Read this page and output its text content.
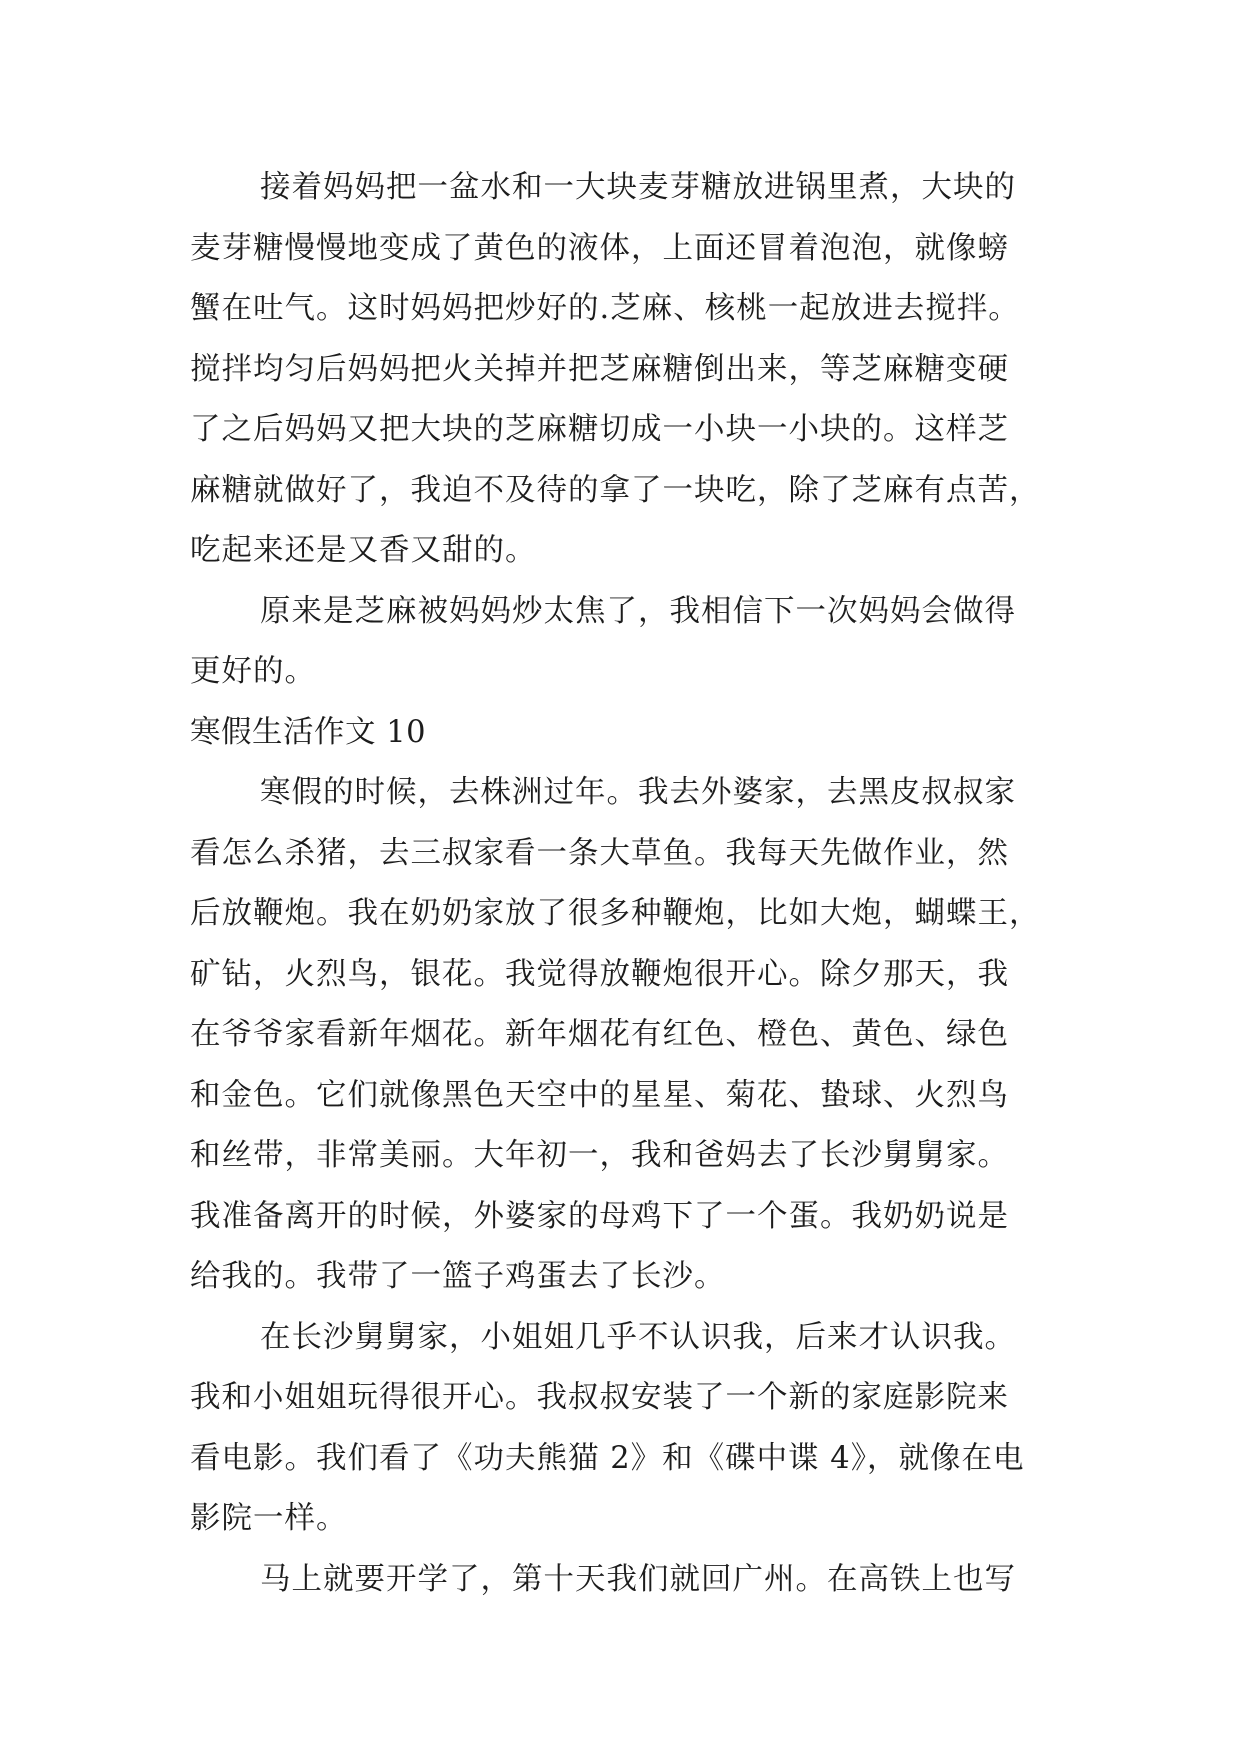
接着妈妈把一盆水和一大块麦芽糖放进锅里煮，大块的
麦芽糖慢慢地变成了黄色的液体，上面还冒着泡泡，就像螃
蟹在吐气。这时妈妈把炒好的.芝麻、核桃一起放进去搅拌。
搅拌均匀后妈妈把火关掉并把芝麻糖倒出来，等芝麻糖变硬
了之后妈妈又把大块的芝麻糖切成一小块一小块的。这样芝
麻糖就做好了，我迫不及待的拿了一块吃，除了芝麻有点苦，
吃起来还是又香又甜的。
原来是芝麻被妈妈炒太焦了，我相信下一次妈妈会做得
更好的。
寒假生活作文 10
寒假的时候，去株洲过年。我去外婆家，去黑皮叔叔家
看怎么杀猪，去三叔家看一条大草鱼。我每天先做作业，然
后放鞭炮。我在奶奶家放了很多种鞭炮，比如大炮，蝴蝶王，
矿钻，火烈鸟，银花。我觉得放鞭炮很开心。除夕那天，我
在爷爷家看新年烟花。新年烟花有红色、橙色、黄色、绿色
和金色。它们就像黑色天空中的星星、菊花、蛰球、火烈鸟
和丝带，非常美丽。大年初一，我和爸妈去了长沙舅舅家。
我准备离开的时候，外婆家的母鸡下了一个蛋。我奶奶说是
给我的。我带了一篮子鸡蛋去了长沙。
在长沙舅舅家，小姐姐几乎不认识我，后来才认识我。
我和小姐姐玩得很开心。我叔叔安装了一个新的家庭影院来
看电影。我们看了《功夫熊猫 2》和《碟中谍 4》，就像在电
影院一样。
马上就要开学了，第十天我们就回广州。在高铁上也写
